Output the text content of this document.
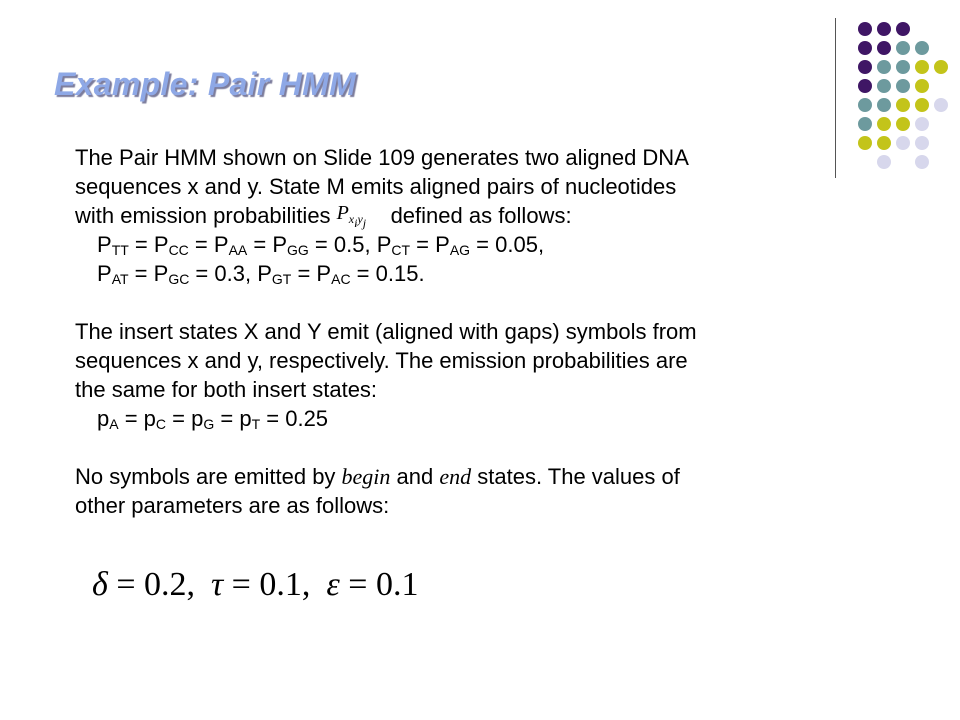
Example: Pair HMM
The Pair HMM shown on Slide 109 generates two aligned DNA
sequences x and y. State M emits aligned pairs of nucleotides
with emission probabilities $P_{x_iy_j}$ defined as follows:
$P_{TT} = P_{CC} = P_{AA} = P_{GG} = 0.5$, $P_{CT} = P_{AG} = 0.05$,
$P_{AT} = P_{GC} = 0.3$, $P_{GT} = P_{AC} = 0.15$.
The insert states X and Y emit (aligned with gaps) symbols from
sequences x and y, respectively. The emission probabilities are
the same for both insert states:
$p_A = p_C = p_G = p_T = 0.25$
No symbols are emitted by begin and end states. The values of
other parameters are as follows:
δ = 0.2, τ = 0.1, ε = 0.1
